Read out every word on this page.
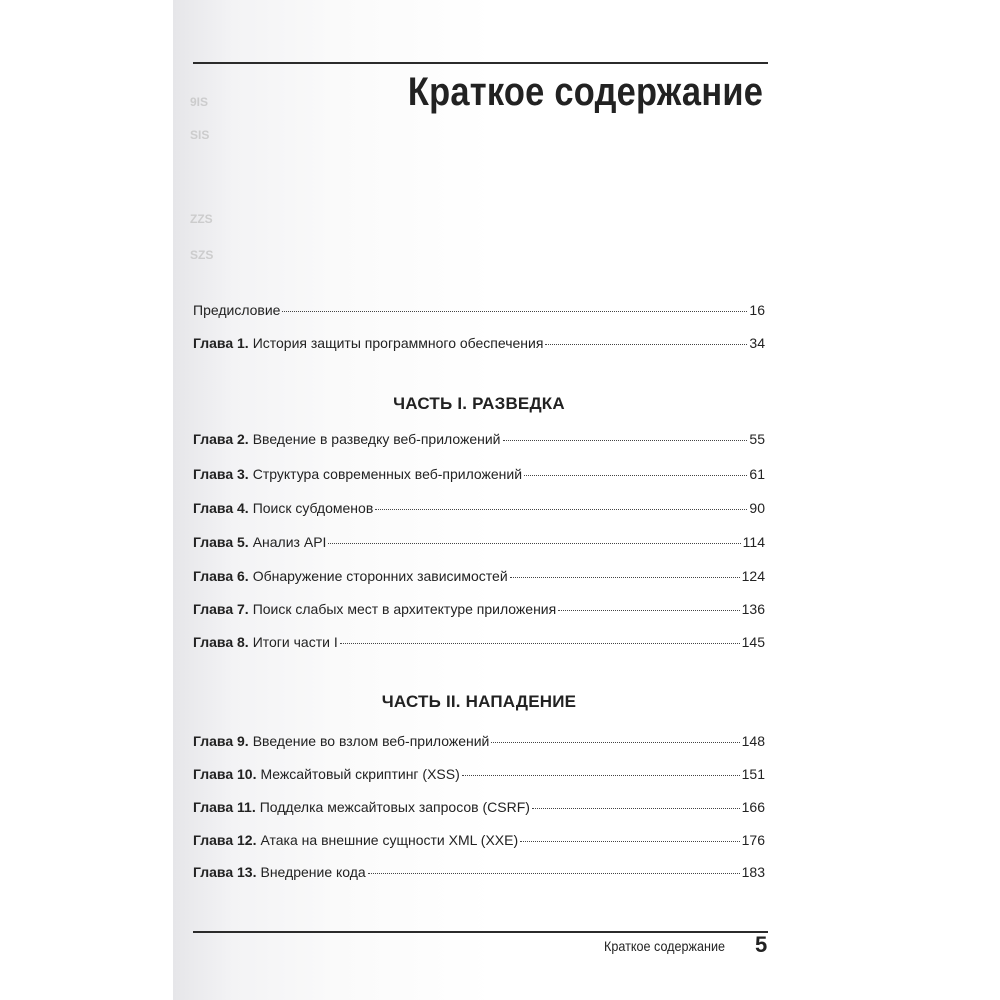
9IS
SIS
ZZS
SZS
Краткое содержание
Предисловие	16
Глава 1. История защиты программного обеспечения	34
ЧАСТЬ I. РАЗВЕДКА
Глава 2. Введение в разведку веб-приложений	55
Глава 3. Структура современных веб-приложений	61
Глава 4. Поиск субдоменов	90
Глава 5. Анализ API	114
Глава 6. Обнаружение сторонних зависимостей	124
Глава 7. Поиск слабых мест в архитектуре приложения	136
Глава 8. Итоги части I	145
ЧАСТЬ II. НАПАДЕНИЕ
Глава 9. Введение во взлом веб-приложений	148
Глава 10. Межсайтовый скриптинг (XSS)	151
Глава 11. Подделка межсайтовых запросов (CSRF)	166
Глава 12. Атака на внешние сущности XML (XXE)	176
Глава 13. Внедрение кода	183
Краткое содержание 5
